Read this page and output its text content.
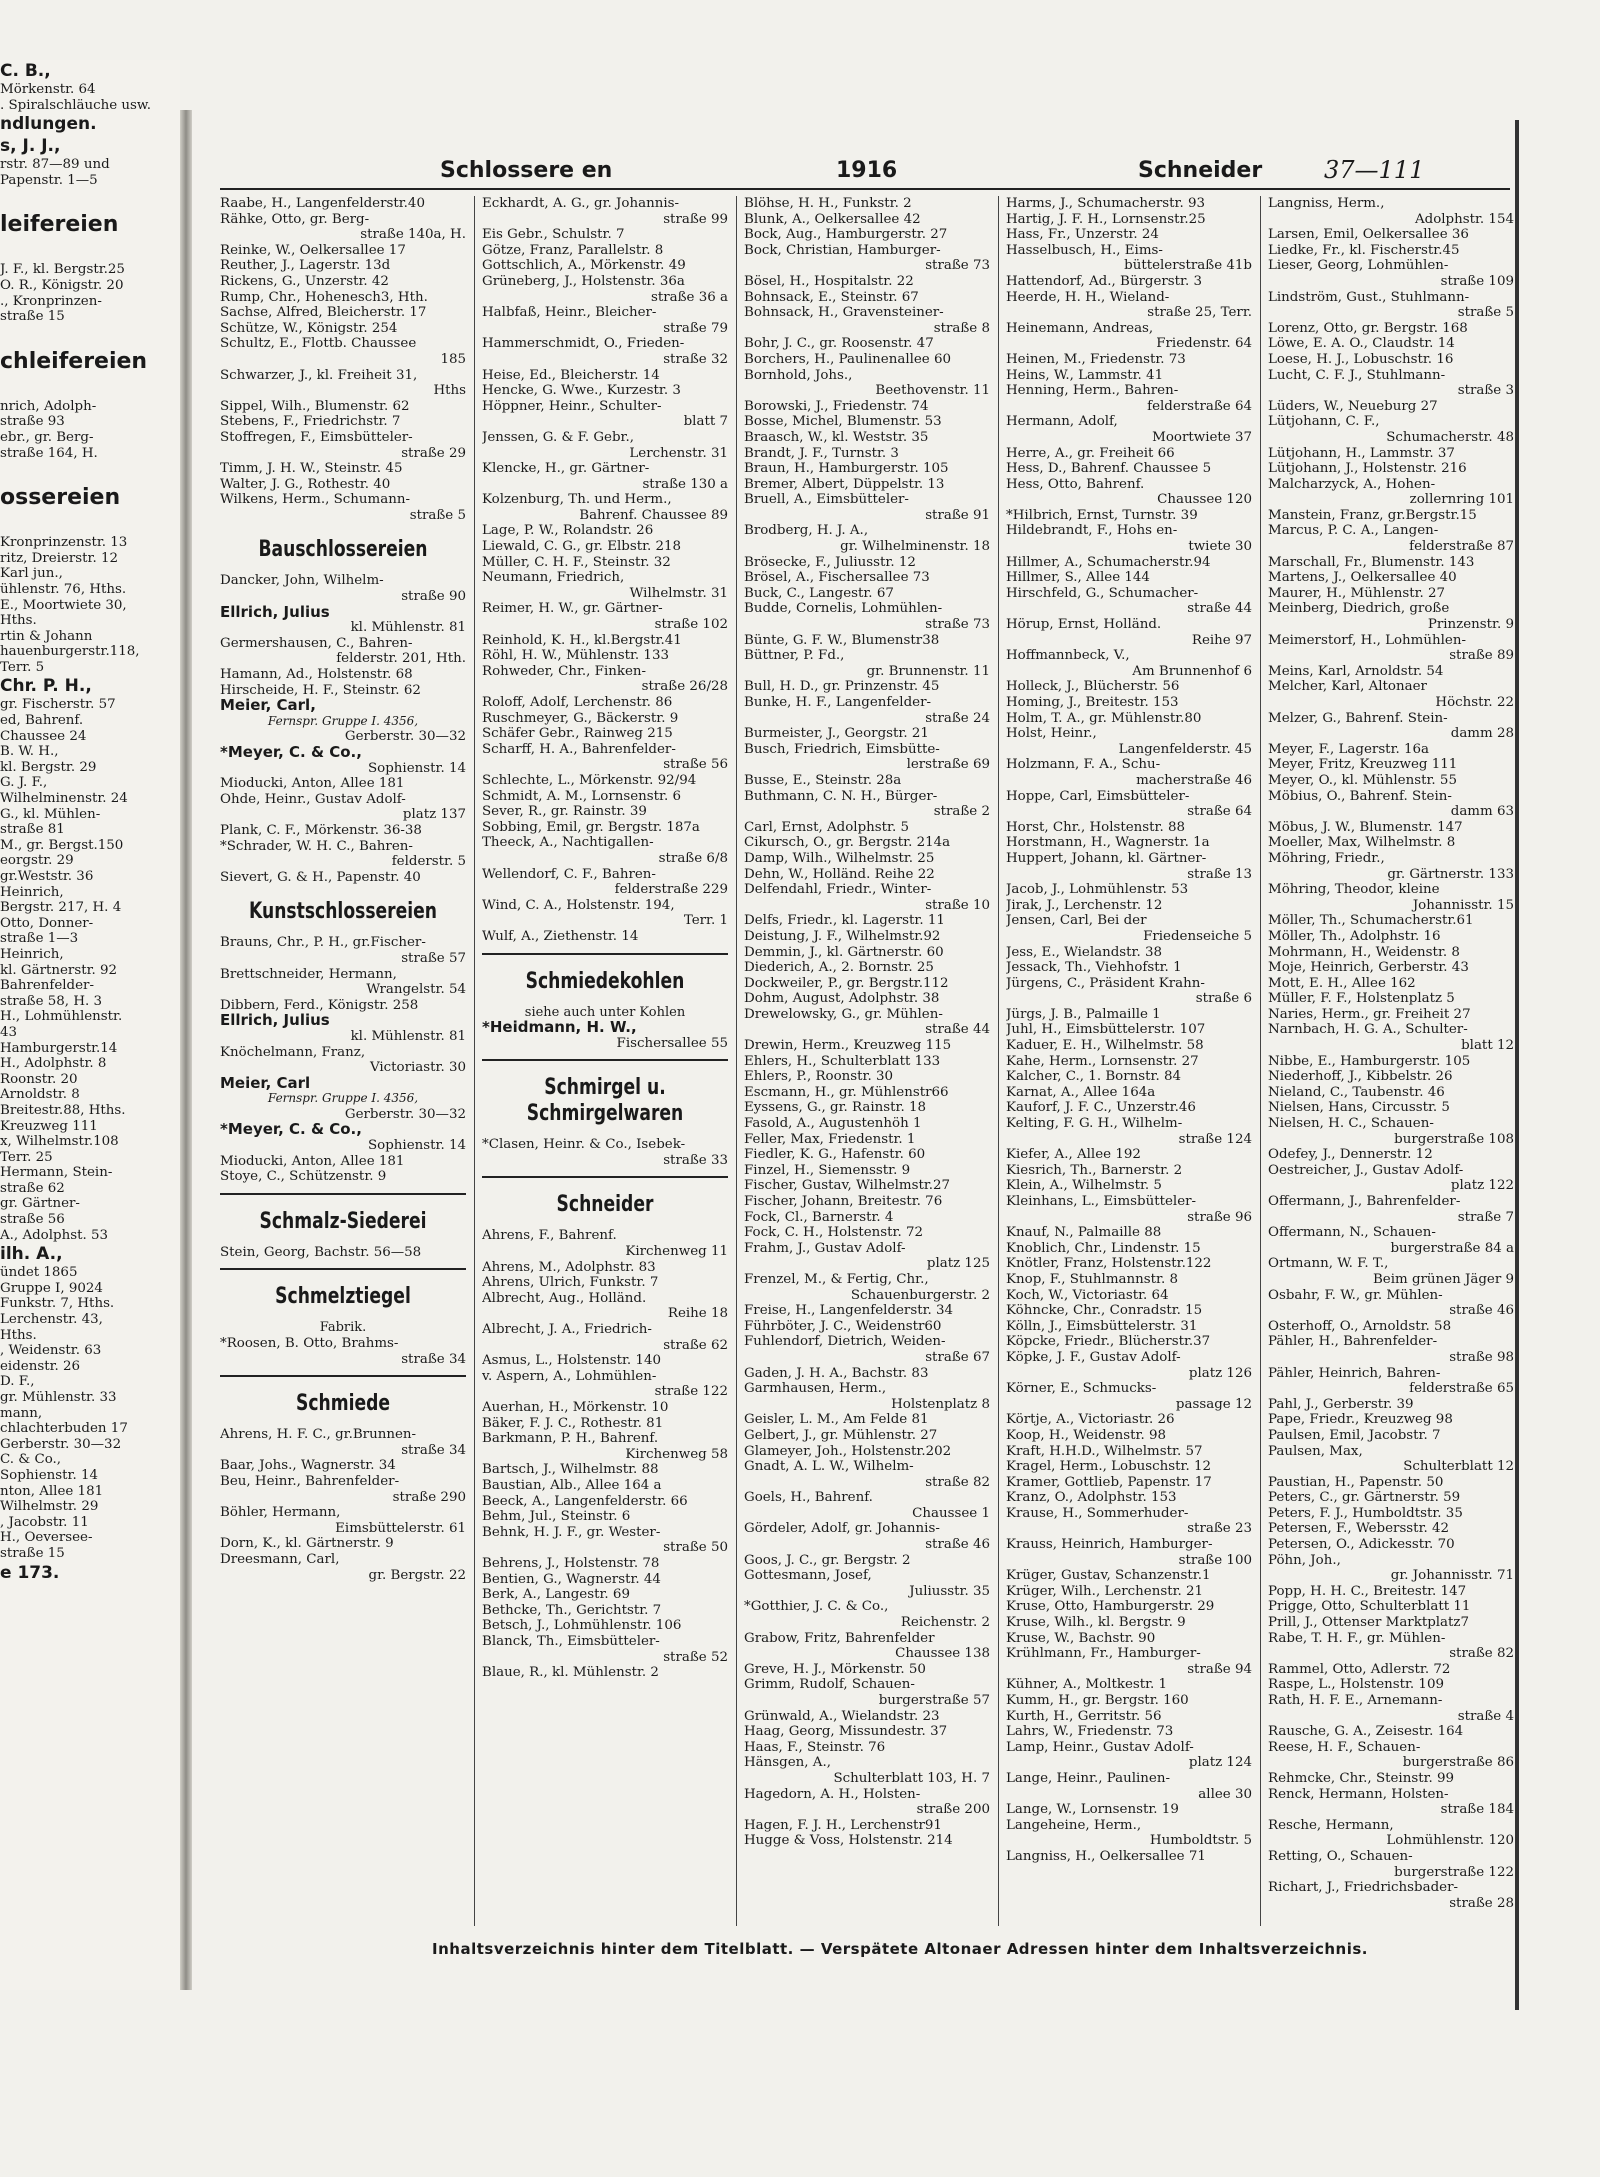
C. B.,
Mörkenstr. 64
. Spiralschläuche usw.
ndlungen.
s, J. J.,
rstr. 87—89 und
Papenstr. 1—5
leifereien
J. F., kl. Bergstr.25
O. R., Königstr. 20
., Kronprinzen-
straße 15
chleifereien
nrich, Adolph-
straße 93
ebr., gr. Berg-
straße 164, H.
ossereien
Kronprinzenstr. 13
ritz, Dreierstr. 12
Karl jun.,
ühlenstr. 76, Hths.
E., Moortwiete 30,
Hths.
rtin & Johann
hauenburgerstr.118,
Terr. 5
Chr. P. H.,
gr. Fischerstr. 57
ed, Bahrenf.
Chaussee 24
B. W. H.,
kl. Bergstr. 29
G. J. F.,
Wilhelminenstr. 24
G., kl. Mühlen-
straße 81
M., gr. Bergst.150
eorgstr. 29
gr.Weststr. 36
Heinrich,
Bergstr. 217, H. 4
Otto, Donner-
straße 1—3
Heinrich,
kl. Gärtnerstr. 92
Bahrenfelder-
straße 58, H. 3
H., Lohmühlenstr.
43
Hamburgerstr.14
H., Adolphstr. 8
Roonstr. 20
Arnoldstr. 8
Breitestr.88, Hths.
Kreuzweg 111
x, Wilhelmstr.108
Terr. 25
Hermann, Stein-
straße 62
gr. Gärtner-
straße 56
A., Adolphst. 53
ilh. A.,
ündet 1865
Gruppe I, 9024
Funkstr. 7, Hths.
Lerchenstr. 43,
Hths.
, Weidenstr. 63
eidenstr. 26
D. F.,
gr. Mühlenstr. 33
mann,
chlachterbuden 17
Gerberstr. 30—32
C. & Co.,
Sophienstr. 14
nton, Allee 181
Wilhelmstr. 29
, Jacobstr. 11
H., Oeversee-
straße 15
e 173.
Schlossere en	1916	Schneider	37—111
Raabe, H., Langenfelderstr.40
Rähke, Otto, gr. Berg-
straße 140a, H.
Reinke, W., Oelkersallee 17
Reuther, J., Lagerstr. 13d
Rickens, G., Unzerstr. 42
Rump, Chr., Hohenesch3, Hth.
Sachse, Alfred, Bleicherstr. 17
Schütze, W., Königstr. 254
Schultz, E., Flottb. Chaussee
185
Schwarzer, J., kl. Freiheit 31,
Hths
Sippel, Wilh., Blumenstr. 62
Stebens, F., Friedrichstr. 7
Stoffregen, F., Eimsbütteler-
straße 29
Timm, J. H. W., Steinstr. 45
Walter, J. G., Rothestr. 40
Wilkens, Herm., Schumann-
straße 5
Bauschlossereien
Dancker, John, Wilhelm-
straße 90
Ellrich, Julius
kl. Mühlenstr. 81
Germershausen, C., Bahren-
felderstr. 201, Hth.
Hamann, Ad., Holstenstr. 68
Hirscheide, H. F., Steinstr. 62
Meier, Carl,
Fernspr. Gruppe I. 4356,
Gerberstr. 30—32
*Meyer, C. & Co.,
Sophienstr. 14
Mioducki, Anton, Allee 181
Ohde, Heinr., Gustav Adolf-
platz 137
Plank, C. F., Mörkenstr. 36-38
*Schrader, W. H. C., Bahren-
felderstr. 5
Sievert, G. & H., Papenstr. 40
Kunstschlossereien
Brauns, Chr., P. H., gr.Fischer-
straße 57
Brettschneider, Hermann,
Wrangelstr. 54
Dibbern, Ferd., Königstr. 258
Ellrich, Julius
kl. Mühlenstr. 81
Knöchelmann, Franz,
Victoriastr. 30
Meier, Carl
Fernspr. Gruppe I. 4356,
Gerberstr. 30—32
*Meyer, C. & Co.,
Sophienstr. 14
Mioducki, Anton, Allee 181
Stoye, C., Schützenstr. 9
Schmalz-Siederei
Stein, Georg, Bachstr. 56—58
Schmelztiegel
Fabrik.
*Roosen, B. Otto, Brahms-
straße 34
Schmiede
Ahrens, H. F. C., gr.Brunnen-
straße 34
Baar, Johs., Wagnerstr. 34
Beu, Heinr., Bahrenfelder-
straße 290
Böhler, Hermann,
Eimsbüttelerstr. 61
Dorn, K., kl. Gärtnerstr. 9
Dreesmann, Carl,
gr. Bergstr. 22
Eckhardt, A. G., gr. Johannis-
straße 99
Eis Gebr., Schulstr. 7
Götze, Franz, Parallelstr. 8
Gottschlich, A., Mörkenstr. 49
Grüneberg, J., Holstenstr. 36a
straße 36 a
Halbfaß, Heinr., Bleicher-
straße 79
Hammerschmidt, O., Frieden-
straße 32
Heise, Ed., Bleicherstr. 14
Hencke, G. Wwe., Kurzestr. 3
Höppner, Heinr., Schulter-
blatt 7
Jenssen, G. & F. Gebr.,
Lerchenstr. 31
Klencke, H., gr. Gärtner-
straße 130 a
Kolzenburg, Th. und Herm.,
Bahrenf. Chaussee 89
Lage, P. W., Rolandstr. 26
Liewald, C. G., gr. Elbstr. 218
Müller, C. H. F., Steinstr. 32
Neumann, Friedrich,
Wilhelmstr. 31
Reimer, H. W., gr. Gärtner-
straße 102
Reinhold, K. H., kl.Bergstr.41
Röhl, H. W., Mühlenstr. 133
Rohweder, Chr., Finken-
straße 26/28
Roloff, Adolf, Lerchenstr. 86
Ruschmeyer, G., Bäckerstr. 9
Schäfer Gebr., Rainweg 215
Scharff, H. A., Bahrenfelder-
straße 56
Schlechte, L., Mörkenstr. 92/94
Schmidt, A. M., Lornsenstr. 6
Sever, R., gr. Rainstr. 39
Sobbing, Emil, gr. Bergstr. 187a
Theeck, A., Nachtigallen-
straße 6/8
Wellendorf, C. F., Bahren-
felderstraße 229
Wind, C. A., Holstenstr. 194,
Terr. 1
Wulf, A., Ziethenstr. 14
Schmiedekohlen
siehe auch unter Kohlen
*Heidmann, H. W.,
Fischersallee 55
Schmirgel u. Schmirgelwaren
*Clasen, Heinr. & Co., Isebek-
straße 33
Schneider
Ahrens, F., Bahrenf.
Kirchenweg 11
Ahrens, M., Adolphstr. 83
Ahrens, Ulrich, Funkstr. 7
Albrecht, Aug., Holländ.
Reihe 18
Albrecht, J. A., Friedrich-
straße 62
Asmus, L., Holstenstr. 140
v. Aspern, A., Lohmühlen-
straße 122
Auerhan, H., Mörkenstr. 10
Bäker, F. J. C., Rothestr. 81
Barkmann, P. H., Bahrenf.
Kirchenweg 58
Bartsch, J., Wilhelmstr. 88
Baustian, Alb., Allee 164 a
Beeck, A., Langenfelderstr. 66
Behm, Jul., Steinstr. 6
Behnk, H. J. F., gr. Wester-
straße 50
Behrens, J., Holstenstr. 78
Bentien, G., Wagnerstr. 44
Berk, A., Langestr. 69
Bethcke, Th., Gerichtstr. 7
Betsch, J., Lohmühlenstr. 106
Blanck, Th., Eimsbütteler-
straße 52
Blaue, R., kl. Mühlenstr. 2
Blöhse, H. H., Funkstr. 2
Blunk, A., Oelkersallee 42
Bock, Aug., Hamburgerstr. 27
Bock, Christian, Hamburger-
straße 73
Bösel, H., Hospitalstr. 22
Bohnsack, E., Steinstr. 67
Bohnsack, H., Gravensteiner-
straße 8
Bohr, J. C., gr. Roosenstr. 47
Borchers, H., Paulinenallee 60
Bornhold, Johs.,
Beethovenstr. 11
Borowski, J., Friedenstr. 74
Bosse, Michel, Blumenstr. 53
Braasch, W., kl. Weststr. 35
Brandt, J. F., Turnstr. 3
Braun, H., Hamburgerstr. 105
Bremer, Albert, Düppelstr. 13
Bruell, A., Eimsbütteler-
straße 91
Brodberg, H. J. A.,
gr. Wilhelminenstr. 18
Brösecke, F., Juliusstr. 12
Brösel, A., Fischersallee 73
Buck, C., Langestr. 67
Budde, Cornelis, Lohmühlen-
straße 73
Bünte, G. F. W., Blumenstr38
Büttner, P. Fd.,
gr. Brunnenstr. 11
Bull, H. D., gr. Prinzenstr. 45
Bunke, H. F., Langenfelder-
straße 24
Burmeister, J., Georgstr. 21
Busch, Friedrich, Eimsbütte-
lerstraße 69
Busse, E., Steinstr. 28a
Buthmann, C. N. H., Bürger-
straße 2
Carl, Ernst, Adolphstr. 5
Cikursch, O., gr. Bergstr. 214a
Damp, Wilh., Wilhelmstr. 25
Dehn, W., Holländ. Reihe 22
Delfendahl, Friedr., Winter-
straße 10
Delfs, Friedr., kl. Lagerstr. 11
Deistung, J. F., Wilhelmstr.92
Demmin, J., kl. Gärtnerstr. 60
Diederich, A., 2. Bornstr. 25
Dockweiler, P., gr. Bergstr.112
Dohm, August, Adolphstr. 38
Drewelowsky, G., gr. Mühlen-
straße 44
Drewin, Herm., Kreuzweg 115
Ehlers, H., Schulterblatt 133
Ehlers, P., Roonstr. 30
Escmann, H., gr. Mühlenstr66
Eyssens, G., gr. Rainstr. 18
Fasold, A., Augustenhöh 1
Feller, Max, Friedenstr. 1
Fiedler, K. G., Hafenstr. 60
Finzel, H., Siemensstr. 9
Fischer, Gustav, Wilhelmstr.27
Fischer, Johann, Breitestr. 76
Fock, Cl., Barnerstr. 4
Fock, C. H., Holstenstr. 72
Frahm, J., Gustav Adolf-
platz 125
Frenzel, M., & Fertig, Chr.,
Schauenburgerstr. 2
Freise, H., Langenfelderstr. 34
Führböter, J. C., Weidenstr60
Fuhlendorf, Dietrich, Weiden-
straße 67
Gaden, J. H. A., Bachstr. 83
Garmhausen, Herm.,
Holstenplatz 8
Geisler, L. M., Am Felde 81
Gelbert, J., gr. Mühlenstr. 27
Glameyer, Joh., Holstenstr.202
Gnadt, A. L. W., Wilhelm-
straße 82
Goels, H., Bahrenf.
Chaussee 1
Gördeler, Adolf, gr. Johannis-
straße 46
Goos, J. C., gr. Bergstr. 2
Gottesmann, Josef,
Juliusstr. 35
*Gotthier, J. C. & Co.,
Reichenstr. 2
Grabow, Fritz, Bahrenfelder
Chaussee 138
Greve, H. J., Mörkenstr. 50
Grimm, Rudolf, Schauen-
burgerstraße 57
Grünwald, A., Wielandstr. 23
Haag, Georg, Missundestr. 37
Haas, F., Steinstr. 76
Hänsgen, A.,
Schulterblatt 103, H. 7
Hagedorn, A. H., Holsten-
straße 200
Hagen, F. J. H., Lerchenstr91
Hugge & Voss, Holstenstr. 214
Harms, J., Schumacherstr. 93
Hartig, J. F. H., Lornsenstr.25
Hass, Fr., Unzerstr. 24
Hasselbusch, H., Eims-
büttelerstraße 41b
Hattendorf, Ad., Bürgerstr. 3
Heerde, H. H., Wieland-
straße 25, Terr.
Heinemann, Andreas,
Friedenstr. 64
Heinen, M., Friedenstr. 73
Heins, W., Lammstr. 41
Henning, Herm., Bahren-
felderstraße 64
Hermann, Adolf,
Moortwiete 37
Herre, A., gr. Freiheit 66
Hess, D., Bahrenf. Chaussee 5
Hess, Otto, Bahrenf.
Chaussee 120
*Hilbrich, Ernst, Turnstr. 39
Hildebrandt, F., Hohs en-
twiete 30
Hillmer, A., Schumacherstr.94
Hillmer, S., Allee 144
Hirschfeld, G., Schumacher-
straße 44
Hörup, Ernst, Holländ.
Reihe 97
Hoffmannbeck, V.,
Am Brunnenhof 6
Holleck, J., Blücherstr. 56
Homing, J., Breitestr. 153
Holm, T. A., gr. Mühlenstr.80
Holst, Heinr.,
Langenfelderstr. 45
Holzmann, F. A., Schu-
macherstraße 46
Hoppe, Carl, Eimsbütteler-
straße 64
Horst, Chr., Holstenstr. 88
Horstmann, H., Wagnerstr. 1a
Huppert, Johann, kl. Gärtner-
straße 13
Jacob, J., Lohmühlenstr. 53
Jirak, J., Lerchenstr. 12
Jensen, Carl, Bei der
Friedenseiche 5
Jess, E., Wielandstr. 38
Jessack, Th., Viehhofstr. 1
Jürgens, C., Präsident Krahn-
straße 6
Jürgs, J. B., Palmaille 1
Juhl, H., Eimsbüttelerstr. 107
Kaduer, E. H., Wilhelmstr. 58
Kahe, Herm., Lornsenstr. 27
Kalcher, C., 1. Bornstr. 84
Karnat, A., Allee 164a
Kauforf, J. F. C., Unzerstr.46
Kelting, F. G. H., Wilhelm-
straße 124
Kiefer, A., Allee 192
Kiesrich, Th., Barnerstr. 2
Klein, A., Wilhelmstr. 5
Kleinhans, L., Eimsbütteler-
straße 96
Knauf, N., Palmaille 88
Knoblich, Chr., Lindenstr. 15
Knötler, Franz, Holstenstr.122
Knop, F., Stuhlmannstr. 8
Koch, W., Victoriastr. 64
Köhncke, Chr., Conradstr. 15
Kölln, J., Eimsbüttelerstr. 31
Köpcke, Friedr., Blücherstr.37
Köpke, J. F., Gustav Adolf-
platz 126
Körner, E., Schmucks-
passage 12
Körtje, A., Victoriastr. 26
Koop, H., Weidenstr. 98
Kraft, H.H.D., Wilhelmstr. 57
Kragel, Herm., Lobuschstr. 12
Kramer, Gottlieb, Papenstr. 17
Kranz, O., Adolphstr. 153
Krause, H., Sommerhuder-
straße 23
Krauss, Heinrich, Hamburger-
straße 100
Krüger, Gustav, Schanzenstr.1
Krüger, Wilh., Lerchenstr. 21
Kruse, Otto, Hamburgerstr. 29
Kruse, Wilh., kl. Bergstr. 9
Kruse, W., Bachstr. 90
Krühlmann, Fr., Hamburger-
straße 94
Kühner, A., Moltkestr. 1
Kumm, H., gr. Bergstr. 160
Kurth, H., Gerritstr. 56
Lahrs, W., Friedenstr. 73
Lamp, Heinr., Gustav Adolf-
platz 124
Lange, Heinr., Paulinen-
allee 30
Lange, W., Lornsenstr. 19
Langeheine, Herm.,
Humboldtstr. 5
Langniss, H., Oelkersallee 71
Langniss, Herm.,
Adolphstr. 154
Larsen, Emil, Oelkersallee 36
Liedke, Fr., kl. Fischerstr.45
Lieser, Georg, Lohmühlen-
straße 109
Lindström, Gust., Stuhlmann-
straße 5
Lorenz, Otto, gr. Bergstr. 168
Löwe, E. A. O., Claudstr. 14
Loese, H. J., Lobuschstr. 16
Lucht, C. F. J., Stuhlmann-
straße 3
Lüders, W., Neueburg 27
Lütjohann, C. F.,
Schumacherstr. 48
Lütjohann, H., Lammstr. 37
Lütjohann, J., Holstenstr. 216
Malcharzyck, A., Hohen-
zollernring 101
Manstein, Franz, gr.Bergstr.15
Marcus, P. C. A., Langen-
felderstraße 87
Marschall, Fr., Blumenstr. 143
Martens, J., Oelkersallee 40
Maurer, H., Mühlenstr. 27
Meinberg, Diedrich, große
Prinzenstr. 9
Meimerstorf, H., Lohmühlen-
straße 89
Meins, Karl, Arnoldstr. 54
Melcher, Karl, Altonaer
Höchstr. 22
Melzer, G., Bahrenf. Stein-
damm 28
Meyer, F., Lagerstr. 16a
Meyer, Fritz, Kreuzweg 111
Meyer, O., kl. Mühlenstr. 55
Möbius, O., Bahrenf. Stein-
damm 63
Möbus, J. W., Blumenstr. 147
Moeller, Max, Wilhelmstr. 8
Möhring, Friedr.,
gr. Gärtnerstr. 133
Möhring, Theodor, kleine
Johannisstr. 15
Möller, Th., Schumacherstr.61
Möller, Th., Adolphstr. 16
Mohrmann, H., Weidenstr. 8
Moje, Heinrich, Gerberstr. 43
Mott, E. H., Allee 162
Müller, F. F., Holstenplatz 5
Naries, Herm., gr. Freiheit 27
Narnbach, H. G. A., Schulter-
blatt 12
Nibbe, E., Hamburgerstr. 105
Niederhoff, J., Kibbelstr. 26
Nieland, C., Taubenstr. 46
Nielsen, Hans, Circusstr. 5
Nielsen, H. C., Schauen-
burgerstraße 108
Odefey, J., Dennerstr. 12
Oestreicher, J., Gustav Adolf-
platz 122
Offermann, J., Bahrenfelder-
straße 7
Offermann, N., Schauen-
burgerstraße 84 a
Ortmann, W. F. T.,
Beim grünen Jäger 9
Osbahr, F. W., gr. Mühlen-
straße 46
Osterhoff, O., Arnoldstr. 58
Pähler, H., Bahrenfelder-
straße 98
Pähler, Heinrich, Bahren-
felderstraße 65
Pahl, J., Gerberstr. 39
Pape, Friedr., Kreuzweg 98
Paulsen, Emil, Jacobstr. 7
Paulsen, Max,
Schulterblatt 12
Paustian, H., Papenstr. 50
Peters, C., gr. Gärtnerstr. 59
Peters, F. J., Humboldtstr. 35
Petersen, F., Webersstr. 42
Petersen, O., Adickesstr. 70
Pöhn, Joh.,
gr. Johannisstr. 71
Popp, H. H. C., Breitestr. 147
Prigge, Otto, Schulterblatt 11
Prill, J., Ottenser Marktplatz7
Rabe, T. H. F., gr. Mühlen-
straße 82
Rammel, Otto, Adlerstr. 72
Raspe, L., Holstenstr. 109
Rath, H. F. E., Arnemann-
straße 4
Rausche, G. A., Zeisestr. 164
Reese, H. F., Schauen-
burgerstraße 86
Rehmcke, Chr., Steinstr. 99
Renck, Hermann, Holsten-
straße 184
Resche, Hermann,
Lohmühlenstr. 120
Retting, O., Schauen-
burgerstraße 122
Richart, J., Friedrichsbader-
straße 28
Inhaltsverzeichnis hinter dem Titelblatt. — Verspätete Altonaer Adressen hinter dem Inhaltsverzeichnis.
